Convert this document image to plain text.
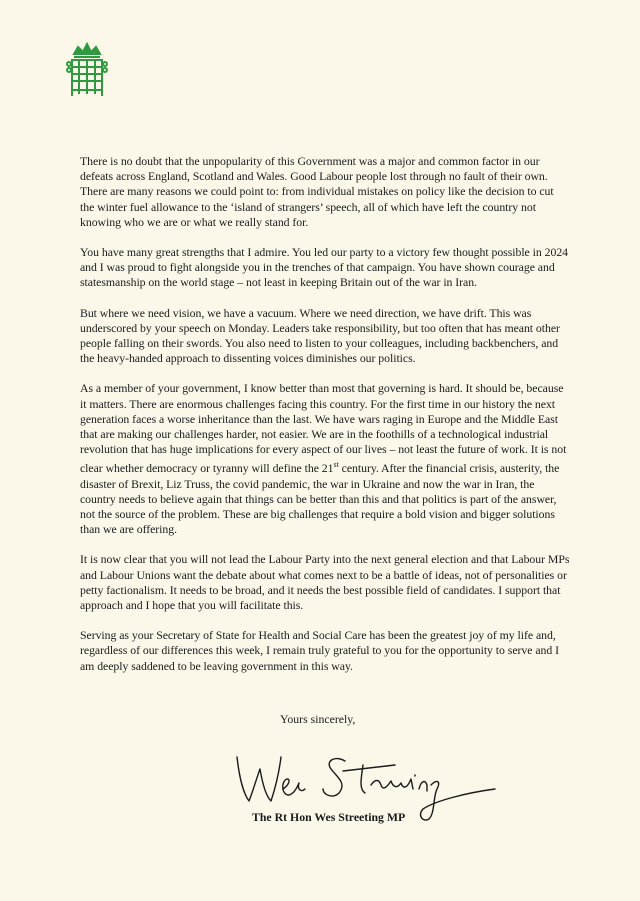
There is no doubt that the unpopularity of this Government was a major and common factor in our defeats across England, Scotland and Wales. Good Labour people lost through no fault of their own. There are many reasons we could point to: from individual mistakes on policy like the decision to cut the winter fuel allowance to the ‘island of strangers’ speech, all of which have left the country not knowing who we are or what we really stand for.

You have many great strengths that I admire. You led our party to a victory few thought possible in 2024 and I was proud to fight alongside you in the trenches of that campaign. You have shown courage and statesmanship on the world stage – not least in keeping Britain out of the war in Iran.

But where we need vision, we have a vacuum. Where we need direction, we have drift. This was underscored by your speech on Monday. Leaders take responsibility, but too often that has meant other people falling on their swords. You also need to listen to your colleagues, including backbenchers, and the heavy-handed approach to dissenting voices diminishes our politics.

As a member of your government, I know better than most that governing is hard. It should be, because it matters. There are enormous challenges facing this country. For the first time in our history the next generation faces a worse inheritance than the last. We have wars raging in Europe and the Middle East that are making our challenges harder, not easier. We are in the foothills of a technological industrial revolution that has huge implications for every aspect of our lives – not least the future of work. It is not clear whether democracy or tyranny will define the 21st century. After the financial crisis, austerity, the disaster of Brexit, Liz Truss, the covid pandemic, the war in Ukraine and now the war in Iran, the country needs to believe again that things can be better than this and that politics is part of the answer, not the source of the problem. These are big challenges that require a bold vision and bigger solutions than we are offering.

It is now clear that you will not lead the Labour Party into the next general election and that Labour MPs and Labour Unions want the debate about what comes next to be a battle of ideas, not of personalities or petty factionalism. It needs to be broad, and it needs the best possible field of candidates. I support that approach and I hope that you will facilitate this.

Serving as your Secretary of State for Health and Social Care has been the greatest joy of my life and, regardless of our differences this week, I remain truly grateful to you for the opportunity to serve and I am deeply saddened to be leaving government in this way.

Yours sincerely,
The Rt Hon Wes Streeting MP
